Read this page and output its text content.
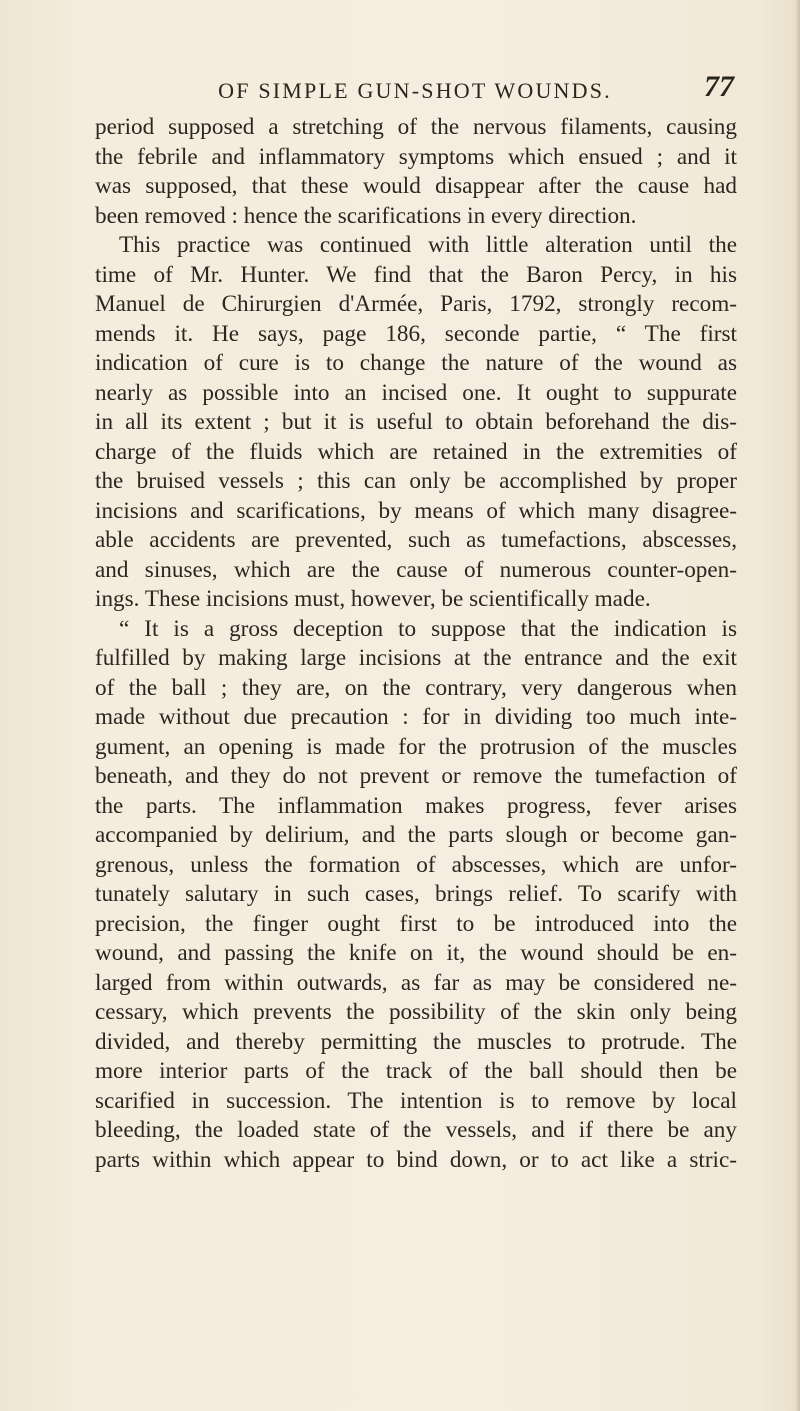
OF SIMPLE GUN-SHOT WOUNDS.	77
period supposed a stretching of the nervous filaments, causing
the febrile and inflammatory symptoms which ensued ; and it
was supposed, that these would disappear after the cause had
been removed : hence the scarifications in every direction.
This practice was continued with little alteration until the
time of Mr. Hunter. We find that the Baron Percy, in his
Manuel de Chirurgien d'Armée, Paris, 1792, strongly recom-
mends it. He says, page 186, seconde partie, “ The first
indication of cure is to change the nature of the wound as
nearly as possible into an incised one. It ought to suppurate
in all its extent ; but it is useful to obtain beforehand the dis-
charge of the fluids which are retained in the extremities of
the bruised vessels ; this can only be accomplished by proper
incisions and scarifications, by means of which many disagree-
able accidents are prevented, such as tumefactions, abscesses,
and sinuses, which are the cause of numerous counter-open-
ings. These incisions must, however, be scientifically made.
“ It is a gross deception to suppose that the indication is
fulfilled by making large incisions at the entrance and the exit
of the ball ; they are, on the contrary, very dangerous when
made without due precaution : for in dividing too much inte-
gument, an opening is made for the protrusion of the muscles
beneath, and they do not prevent or remove the tumefaction of
the parts. The inflammation makes progress, fever arises
accompanied by delirium, and the parts slough or become gan-
grenous, unless the formation of abscesses, which are unfor-
tunately salutary in such cases, brings relief. To scarify with
precision, the finger ought first to be introduced into the
wound, and passing the knife on it, the wound should be en-
larged from within outwards, as far as may be considered ne-
cessary, which prevents the possibility of the skin only being
divided, and thereby permitting the muscles to protrude. The
more interior parts of the track of the ball should then be
scarified in succession. The intention is to remove by local
bleeding, the loaded state of the vessels, and if there be any
parts within which appear to bind down, or to act like a stric-
